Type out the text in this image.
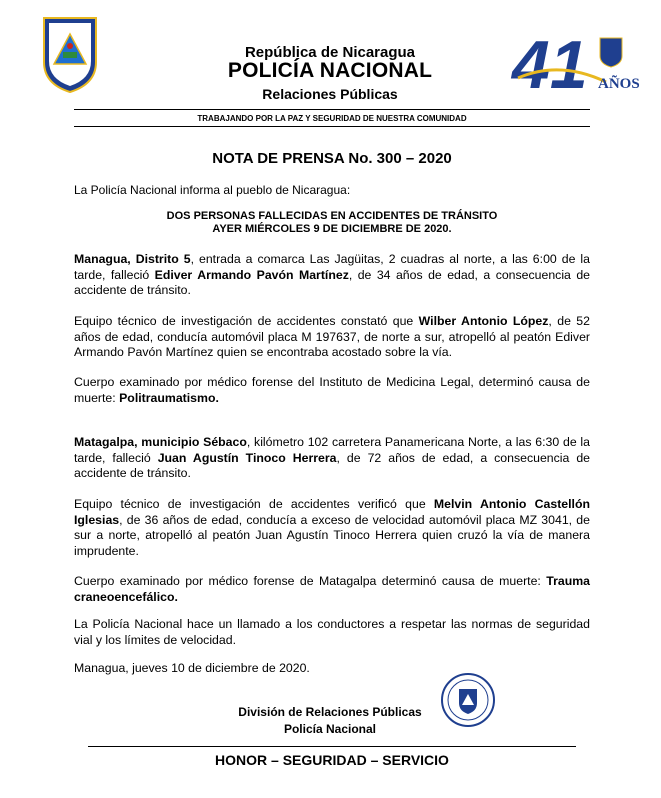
República de Nicaragua
POLICÍA NACIONAL
Relaciones Públicas	41 AÑOS
TRABAJANDO POR LA PAZ Y SEGURIDAD DE NUESTRA COMUNIDAD
NOTA DE PRENSA No. 300 – 2020
La Policía Nacional informa al pueblo de Nicaragua:
DOS PERSONAS FALLECIDAS EN ACCIDENTES DE TRÁNSITO
AYER MIÉRCOLES 9 DE DICIEMBRE DE 2020.
Managua, Distrito 5, entrada a comarca Las Jagüitas, 2 cuadras al norte, a las 6:00 de la tarde, falleció Ediver Armando Pavón Martínez, de 34 años de edad, a consecuencia de accidente de tránsito.
Equipo técnico de investigación de accidentes constató que Wilber Antonio López, de 52 años de edad, conducía automóvil placa M 197637, de norte a sur, atropelló al peatón Ediver Armando Pavón Martínez quien se encontraba acostado sobre la vía.
Cuerpo examinado por médico forense del Instituto de Medicina Legal, determinó causa de muerte: Politraumatismo.
Matagalpa, municipio Sébaco, kilómetro 102 carretera Panamericana Norte, a las 6:30 de la tarde, falleció Juan Agustín Tinoco Herrera, de 72 años de edad, a consecuencia de accidente de tránsito.
Equipo técnico de investigación de accidentes verificó que Melvin Antonio Castellón Iglesias, de 36 años de edad, conducía a exceso de velocidad automóvil placa MZ 3041, de sur a norte, atropelló al peatón Juan Agustín Tinoco Herrera quien cruzó la vía de manera imprudente.
Cuerpo examinado por médico forense de Matagalpa determinó causa de muerte: Trauma craneoencefálico.
La Policía Nacional hace un llamado a los conductores a respetar las normas de seguridad vial y los límites de velocidad.
Managua, jueves 10 de diciembre de 2020.
División de Relaciones Públicas
Policía Nacional
HONOR – SEGURIDAD – SERVICIO
